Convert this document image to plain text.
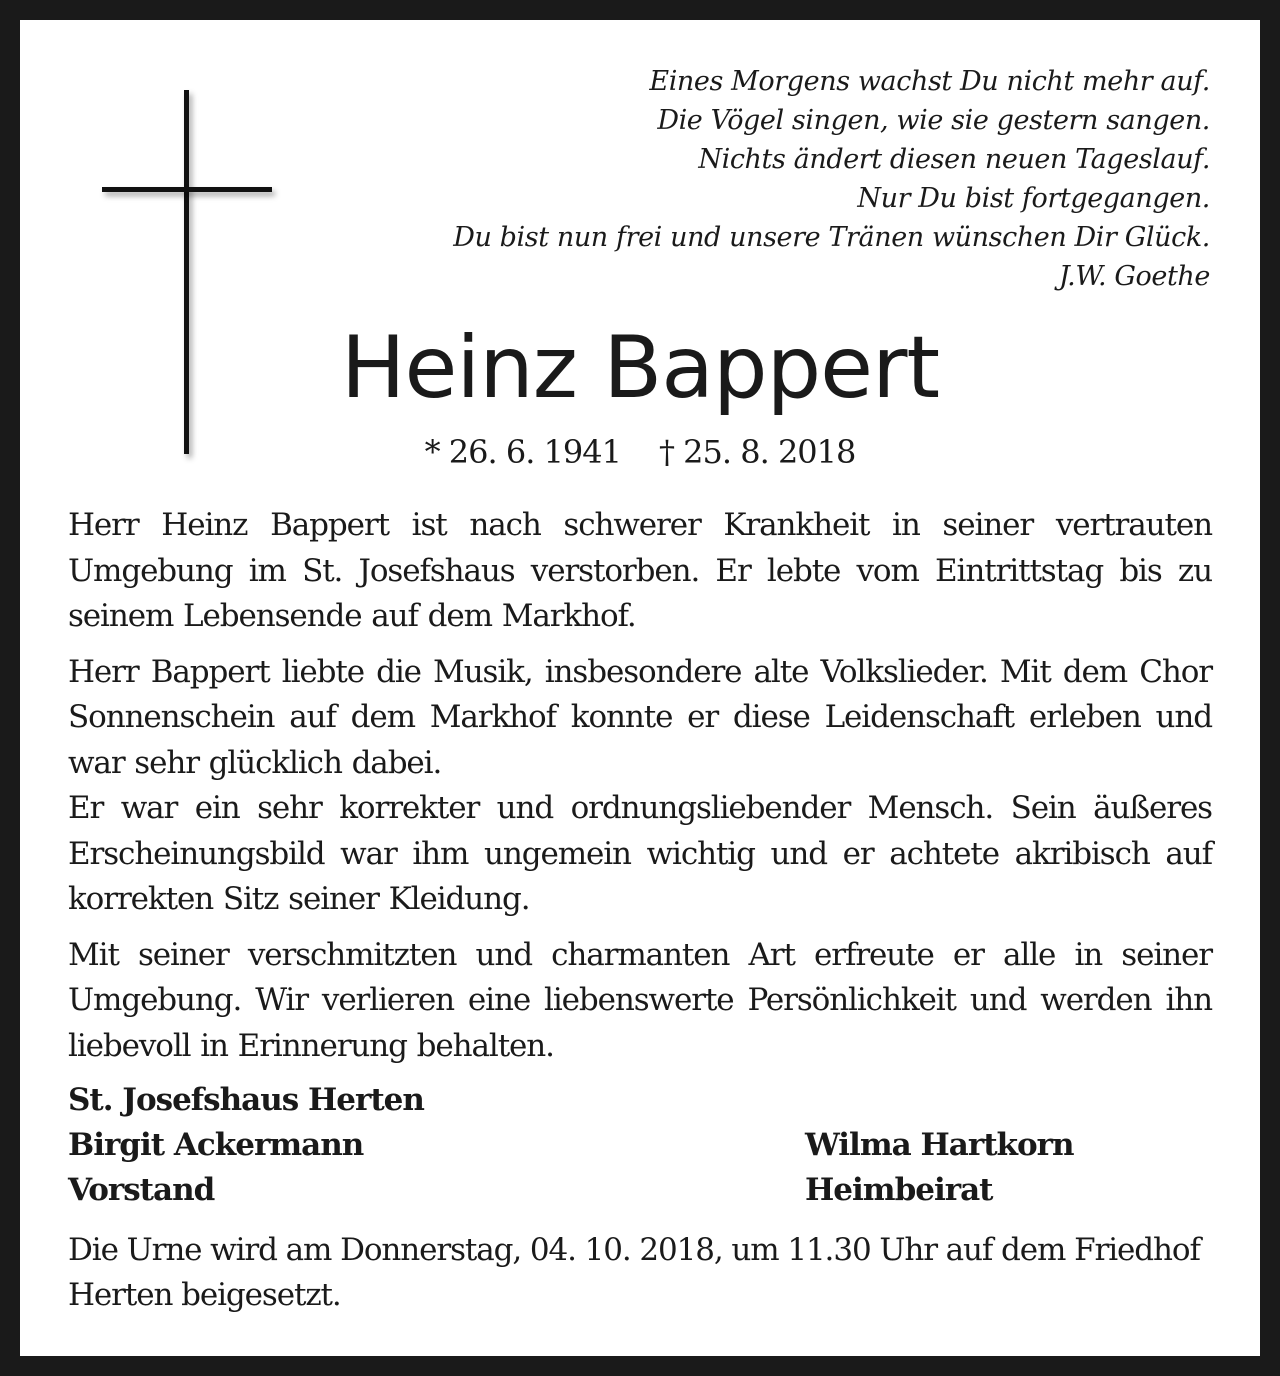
Eines Morgens wachst Du nicht mehr auf.
Die Vögel singen, wie sie gestern sangen.
Nichts ändert diesen neuen Tageslauf.
Nur Du bist fortgegangen.
Du bist nun frei und unsere Tränen wünschen Dir Glück.
J.W. Goethe
Heinz Bappert
* 26. 6. 1941 † 25. 8. 2018

Herr Heinz Bappert ist nach schwerer Krankheit in seiner vertrauten Umgebung im St. Josefshaus verstorben. Er lebte vom Eintrittstag bis zu seinem Lebensende auf dem Markhof.

Herr Bappert liebte die Musik, insbesondere alte Volkslieder. Mit dem Chor Sonnenschein auf dem Markhof konnte er diese Leidenschaft erleben und war sehr glücklich dabei.

Er war ein sehr korrekter und ordnungsliebender Mensch. Sein äußeres Erscheinungsbild war ihm ungemein wichtig und er achtete akribisch auf korrekten Sitz seiner Kleidung.

Mit seiner verschmitzten und charmanten Art erfreute er alle in seiner Umgebung. Wir verlieren eine liebenswerte Persönlichkeit und werden ihn liebevoll in Erinnerung behalten.

St. Josefshaus Herten
Birgit Ackermann	Wilma Hartkorn
Vorstand	Heimbeirat
Die Urne wird am Donnerstag, 04. 10. 2018, um 11.30 Uhr auf dem Friedhof Herten beigesetzt.
